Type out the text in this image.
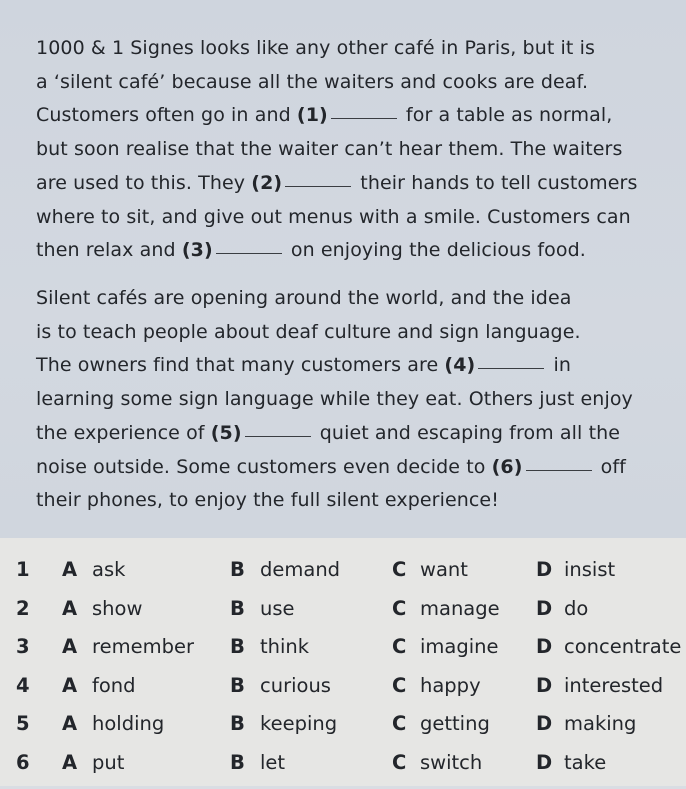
1000 & 1 Signes looks like any other café in Paris, but it is
a ‘silent café’ because all the waiters and cooks are deaf.
Customers often go in and (1)	for a table as normal,
but soon realise that the waiter can’t hear them. The waiters
are used to this. They (2)	their hands to tell customers
where to sit, and give out menus with a smile. Customers can
then relax and (3)	on enjoying the delicious food.
Silent cafés are opening around the world, and the idea
is to teach people about deaf culture and sign language.
The owners find that many customers are (4)	in
learning some sign language while they eat. Others just enjoy
the experience of (5)	quiet and escaping from all the
noise outside. Some customers even decide to (6)	off
their phones, to enjoy the full silent experience!
1 A ask	B demand	C want	D insist
2 A show	B use	C manage D do
3 A remember B think	C imagine D concentrate
4 A fond	B curious	C happy	D interested
5 A holding	B keeping	C getting D making
6 A put	B let	C switch	D take
